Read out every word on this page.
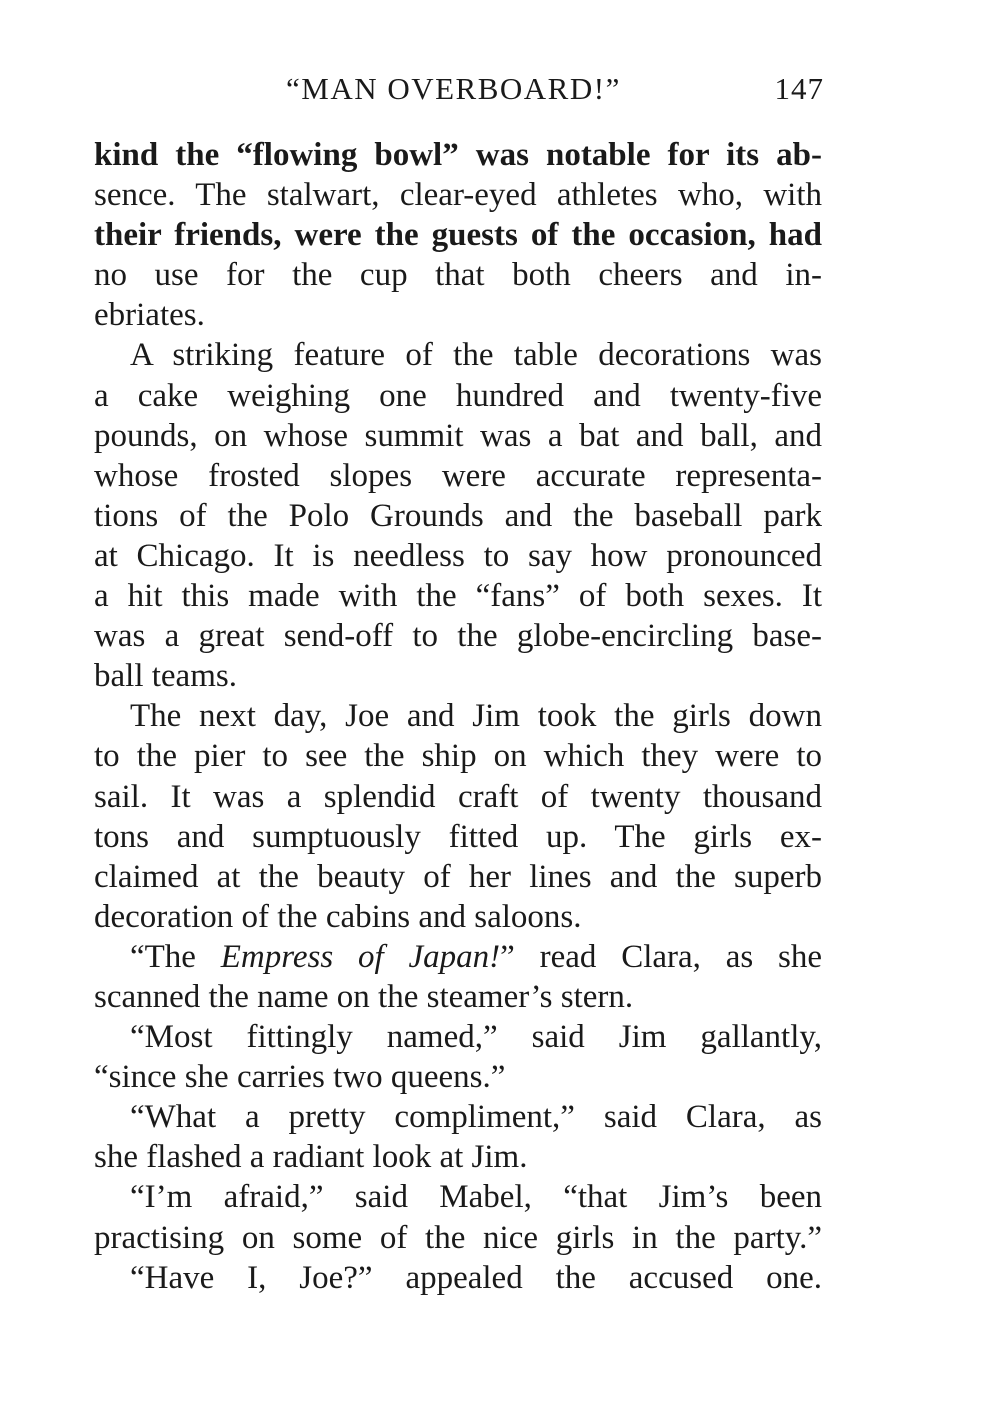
“MAN OVERBOARD!”	147
kind the “flowing bowl” was notable for its ab-
sence. The stalwart, clear-eyed athletes who, with
their friends, were the guests of the occasion, had
no use for the cup that both cheers and in-
ebriates.
A striking feature of the table decorations was
a cake weighing one hundred and twenty-five
pounds, on whose summit was a bat and ball, and
whose frosted slopes were accurate representa-
tions of the Polo Grounds and the baseball park
at Chicago. It is needless to say how pronounced
a hit this made with the “fans” of both sexes. It
was a great send-off to the globe-encircling base-
ball teams.
The next day, Joe and Jim took the girls down
to the pier to see the ship on which they were to
sail. It was a splendid craft of twenty thousand
tons and sumptuously fitted up. The girls ex-
claimed at the beauty of her lines and the superb
decoration of the cabins and saloons.
“The Empress of Japan!” read Clara, as she
scanned the name on the steamer’s stern.
“Most fittingly named,” said Jim gallantly,
“since she carries two queens.”
“What a pretty compliment,” said Clara, as
she flashed a radiant look at Jim.
“I’m afraid,” said Mabel, “that Jim’s been
practising on some of the nice girls in the party.”
“Have I, Joe?” appealed the accused one.
